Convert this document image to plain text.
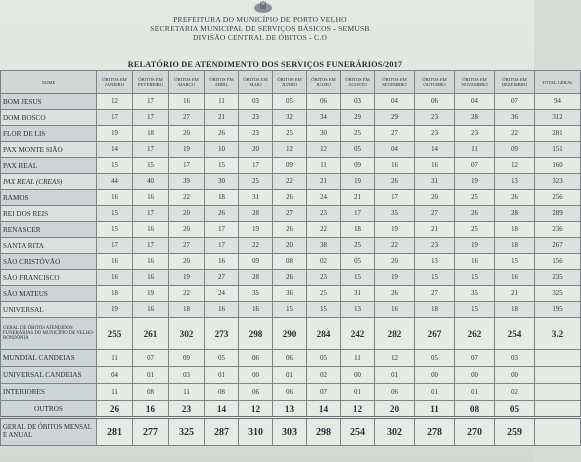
PREFEITURA DO MUNICÍPIO DE PORTO VELHO
SECRETARIA MUNICIPAL DE SERVIÇOS BÁSICOS - SEMUSB
DIVISÃO CENTRAL DE ÓBITOS - C.O
RELATÓRIO DE ATENDIMENTO DOS SERVIÇOS FUNERÁRIOS/2017
NOME	ÓBITOS EM JANEIRO	ÓBITOS EM FEVEREIRO	ÓBITOS EM MARÇO	ÓBITOS EM ABRIL	ÓBITOS EM MAIO	ÓBITOS EM JUNHO	ÓBITOS EM JULHO	ÓBITOS EM AGOSTO	ÓBITOS EM SETEMBRO	ÓBITOS EM OUTUBRO	ÓBITOS EM NOVEMBRO	ÓBITOS EM DEZEMBRO	TOTAL GERAL
BOM JESUS	12	17	16	11	03	05	06	03	04	06	04	07	94
DOM BOSCO	17	17	27	21	23	32	34	29	29	23	28	36	312
FLOR DE LIS	19	18	20	26	23	25	30	25	27	23	23	22	281
PAX MONTE SIÃO	14	17	19	10	20	12	12	05	04	14	11	09	151
PAX REAL	15	15	17	15	17	09	11	09	16	16	07	12	160
PAX REAL (CREAS)	44	40	39	30	25	22	21	19	26	31	19	13	323
RAMOS	16	16	22	18	31	26	24	21	17	20	25	26	256
REI DOS REIS	15	17	20	26	28	27	23	17	35	27	26	28	289
RENASCER	15	16	20	17	19	26	22	18	19	21	25	18	236
SANTA RITA	17	17	27	17	22	20	38	25	22	23	19	18	267
SÃO CRISTÓVÃO	16	16	20	16	09	08	02	05	20	13	16	15	156
SÃO FRANCISCO	16	16	19	27	28	26	23	15	19	15	15	16	235
SÃO MATEUS	18	19	22	24	35	36	25	31	26	27	35	21	325
UNIVERSAL	19	16	18	16	16	15	15	13	16	18	15	18	195
GERAL DE ÓBITOS ATENDIDOS FUNERÁRIAS DO MUNICÍPIO DE VELHO-RONDÔNIA	255	261	302	273	298	290	284	242	282	267	262	254	3.2
MUNDIAL CANDEIAS	11	07	09	05	06	06	05	11	12	05	07	03	
UNIVERSAL CANDEIAS	04	01	03	01	00	01	02	00	01	00	00	00	
INTERIORES	11	08	11	08	06	06	07	01	06	01	01	02	
OUTROS	26	16	23	14	12	13	14	12	20	11	08	05	
GERAL DE ÓBITOS MENSAL E ANUAL	281	277	325	287	310	303	298	254	302	278	270	259	
